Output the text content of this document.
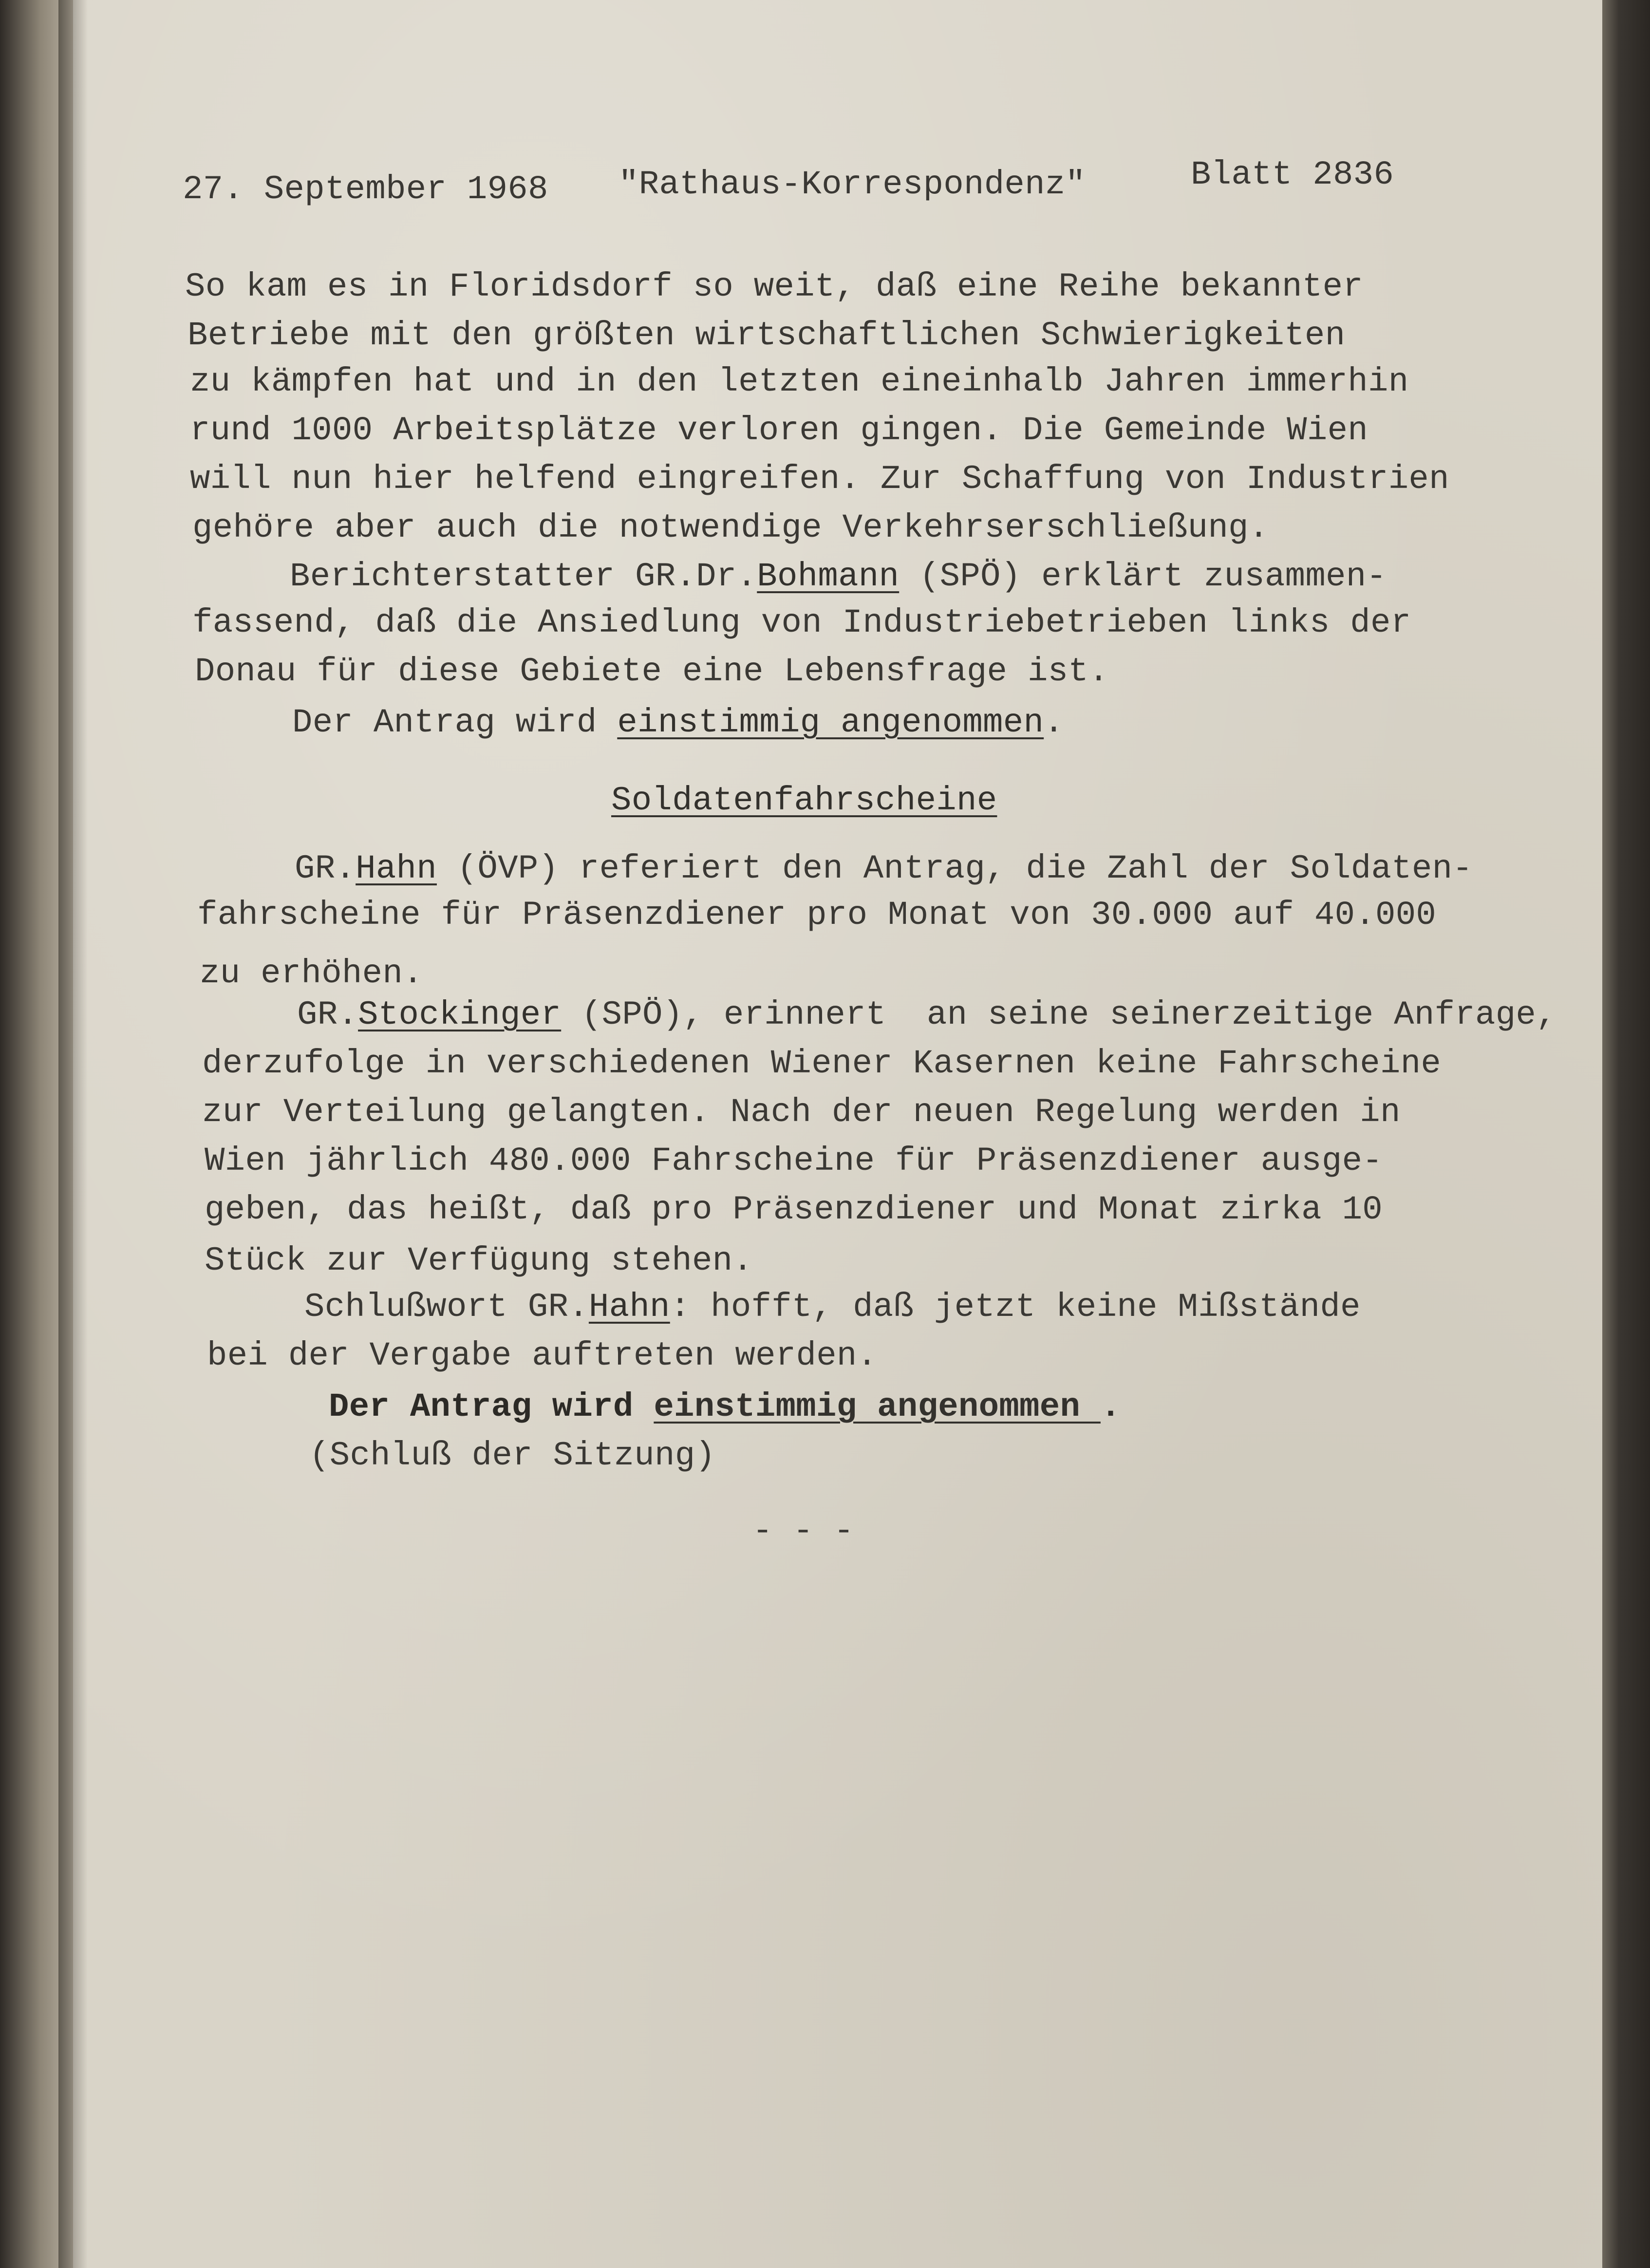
27. September 1968 "Rathaus-Korrespondenz"	Blatt 2836
So kam es in Floridsdorf so weit, daß eine Reihe bekannter
Betriebe mit den größten wirtschaftlichen Schwierigkeiten
zu kämpfen hat und in den letzten eineinhalb Jahren immerhin
rund 1000 Arbeitsplätze verloren gingen. Die Gemeinde Wien
will nun hier helfend eingreifen. Zur Schaffung von Industrien
gehöre aber auch die notwendige Verkehrserschließung.
Berichterstatter GR.Dr.Bohmann (SPÖ) erklärt zusammen-
fassend, daß die Ansiedlung von Industriebetrieben links der
Donau für diese Gebiete eine Lebensfrage ist.
Der Antrag wird einstimmig angenommen.
Soldatenfahrscheine
GR.Hahn (ÖVP) referiert den Antrag, die Zahl der Soldaten-
fahrscheine für Präsenzdiener pro Monat von 30.000 auf 40.000
zu erhöhen.
GR.Stockinger (SPÖ), erinnert  an seine seinerzeitige Anfrage,
derzufolge in verschiedenen Wiener Kasernen keine Fahrscheine
zur Verteilung gelangten. Nach der neuen Regelung werden in
Wien jährlich 480.000 Fahrscheine für Präsenzdiener ausge-
geben, das heißt, daß pro Präsenzdiener und Monat zirka 10
Stück zur Verfügung stehen.
Schlußwort GR.Hahn: hofft, daß jetzt keine Mißstände
bei der Vergabe auftreten werden.
Der Antrag wird einstimmig angenommen .
(Schluß der Sitzung)
- - -
